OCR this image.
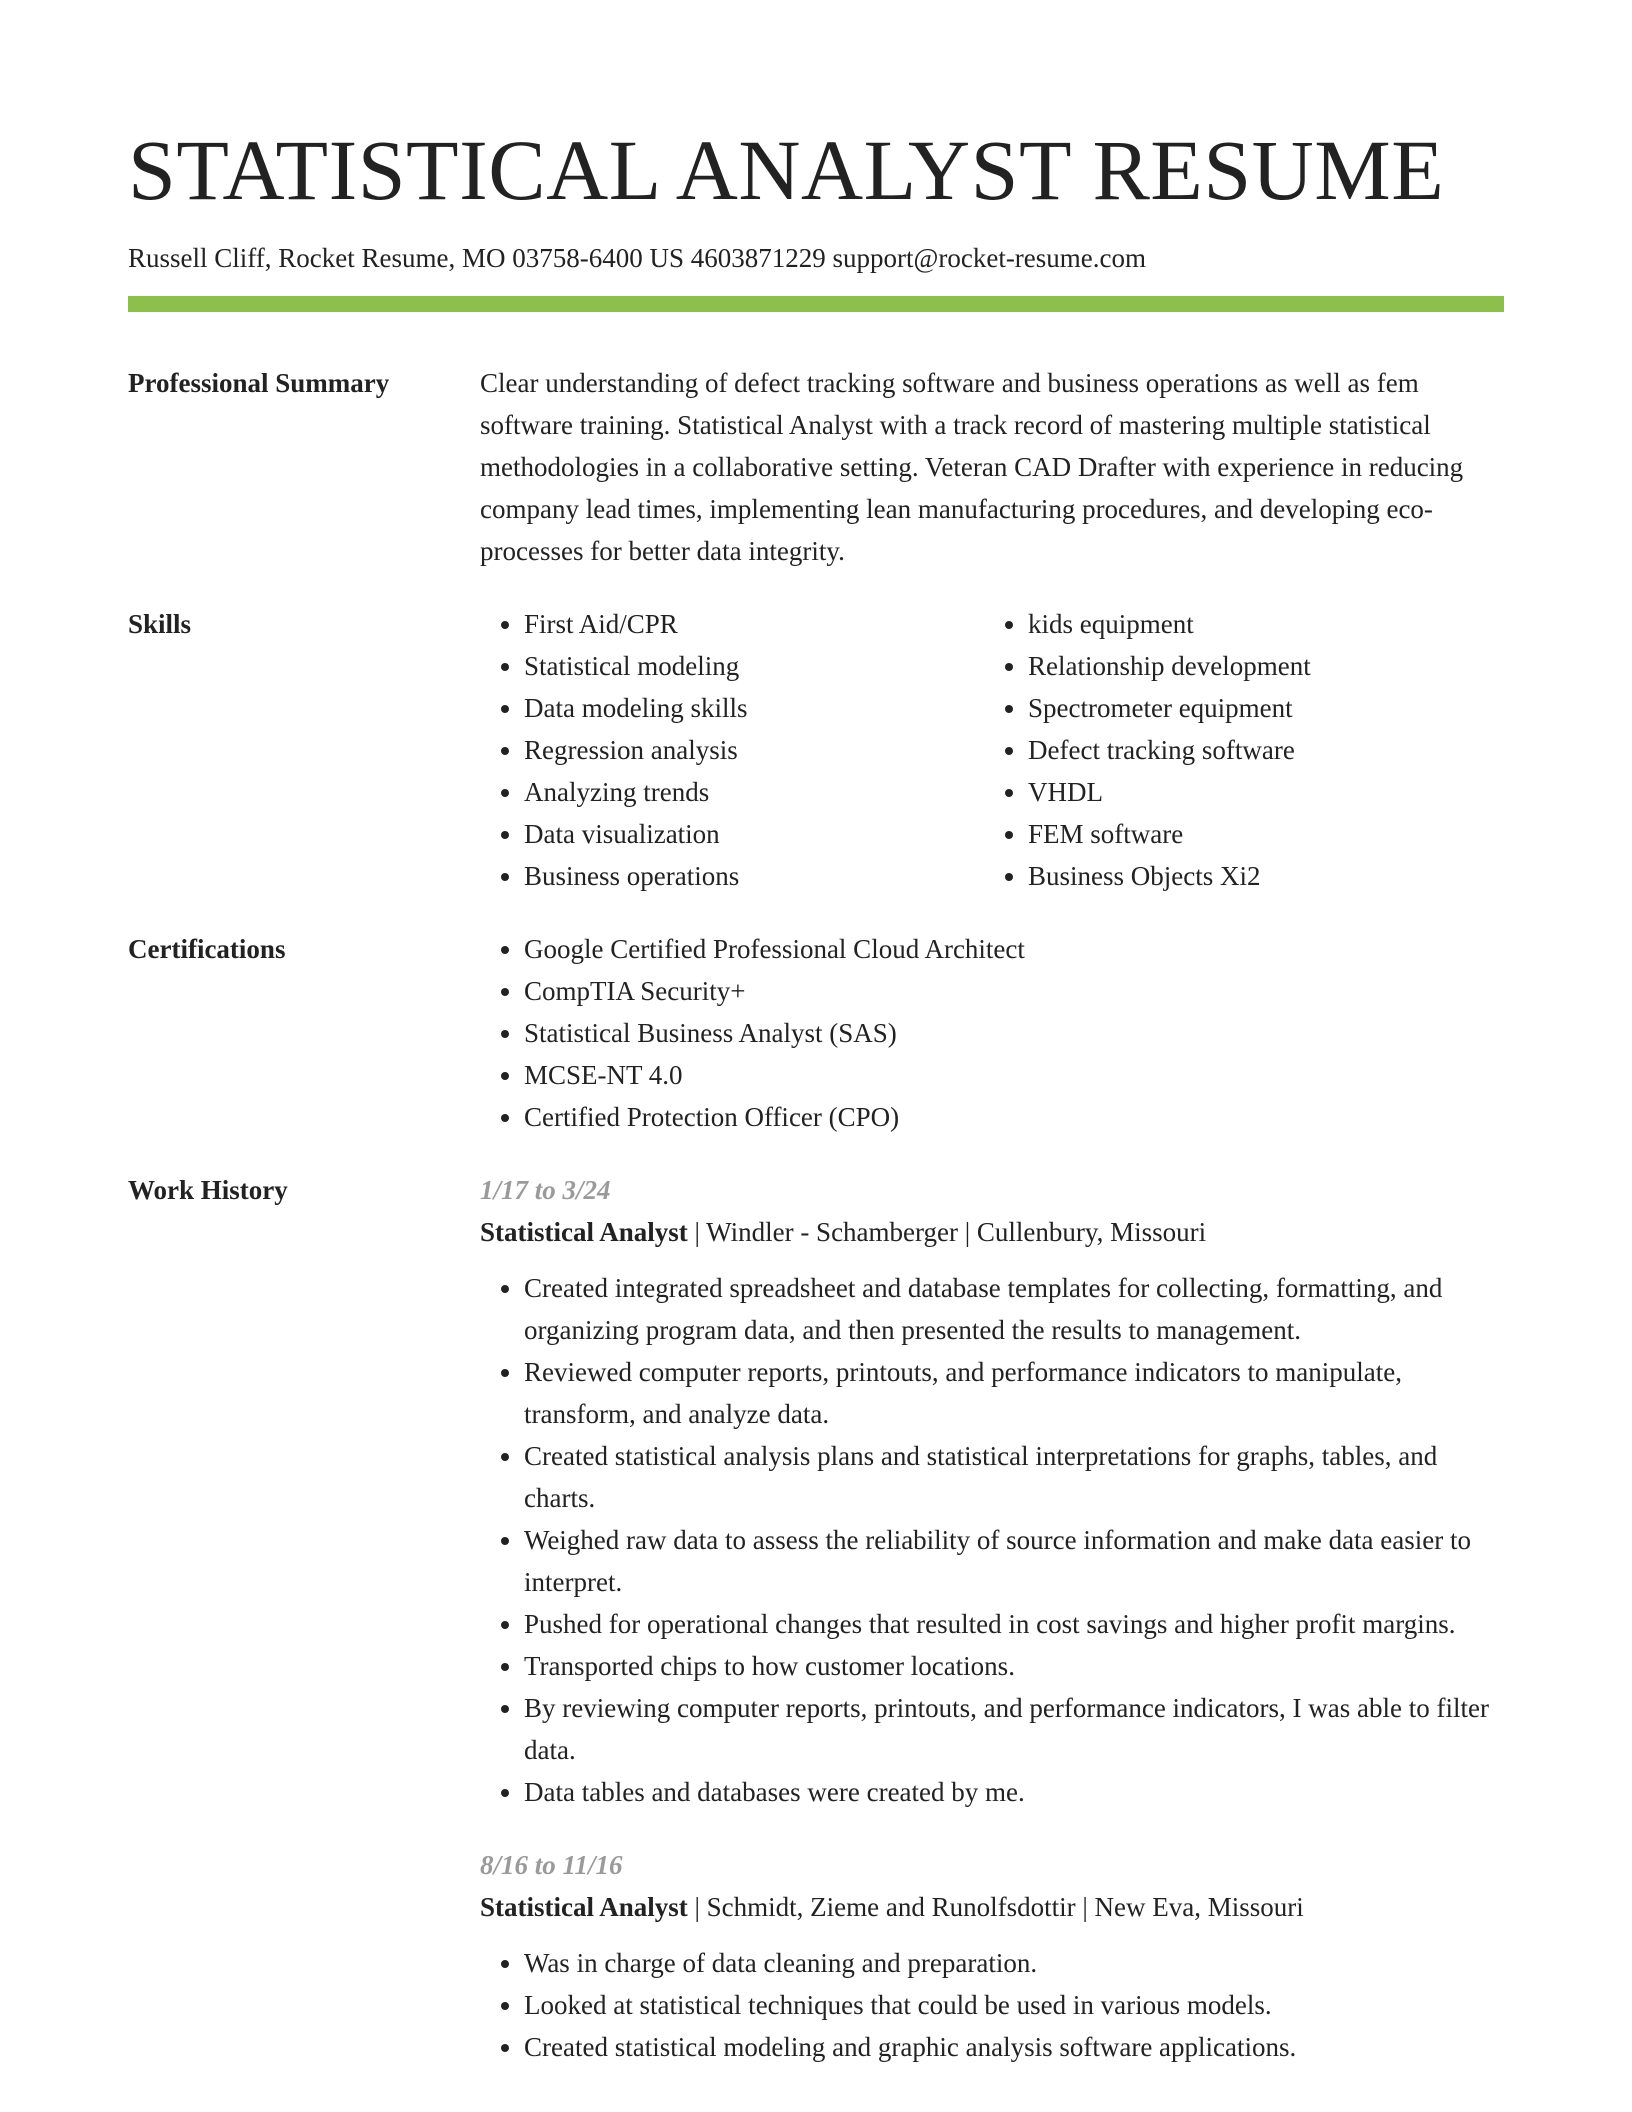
STATISTICAL ANALYST RESUME
Russell Cliff, Rocket Resume, MO 03758-6400 US 4603871229 support@rocket-resume.com
Professional Summary	Clear understanding of defect tracking software and business operations as well as fem software training. Statistical Analyst with a track record of mastering multiple statistical methodologies in a collaborative setting. Veteran CAD Drafter with experience in reducing company lead times, implementing lean manufacturing procedures, and developing eco-processes for better data integrity.

Skills	• First Aid/CPR
• Statistical modeling
• Data modeling skills
• Regression analysis
• Analyzing trends
• Data visualization
• Business operations
• kids equipment
• Relationship development
• Spectrometer equipment
• Defect tracking software
• VHDL
• FEM software
• Business Objects Xi2
Certifications	• Google Certified Professional Cloud Architect
• CompTIA Security+
• Statistical Business Analyst (SAS)
• MCSE-NT 4.0
• Certified Protection Officer (CPO)
Work History	1/17 to 3/24
Statistical Analyst | Windler - Schamberger | Cullenbury, Missouri
• Created integrated spreadsheet and database templates for collecting, formatting, and organizing program data, and then presented the results to management.
• Reviewed computer reports, printouts, and performance indicators to manipulate, transform, and analyze data.
• Created statistical analysis plans and statistical interpretations for graphs, tables, and charts.
• Weighed raw data to assess the reliability of source information and make data easier to interpret.
• Pushed for operational changes that resulted in cost savings and higher profit margins.
• Transported chips to how customer locations.
• By reviewing computer reports, printouts, and performance indicators, I was able to filter data.
• Data tables and databases were created by me.
8/16 to 11/16
Statistical Analyst | Schmidt, Zieme and Runolfsdottir | New Eva, Missouri
• Was in charge of data cleaning and preparation.
• Looked at statistical techniques that could be used in various models.
• Created statistical modeling and graphic analysis software applications.
